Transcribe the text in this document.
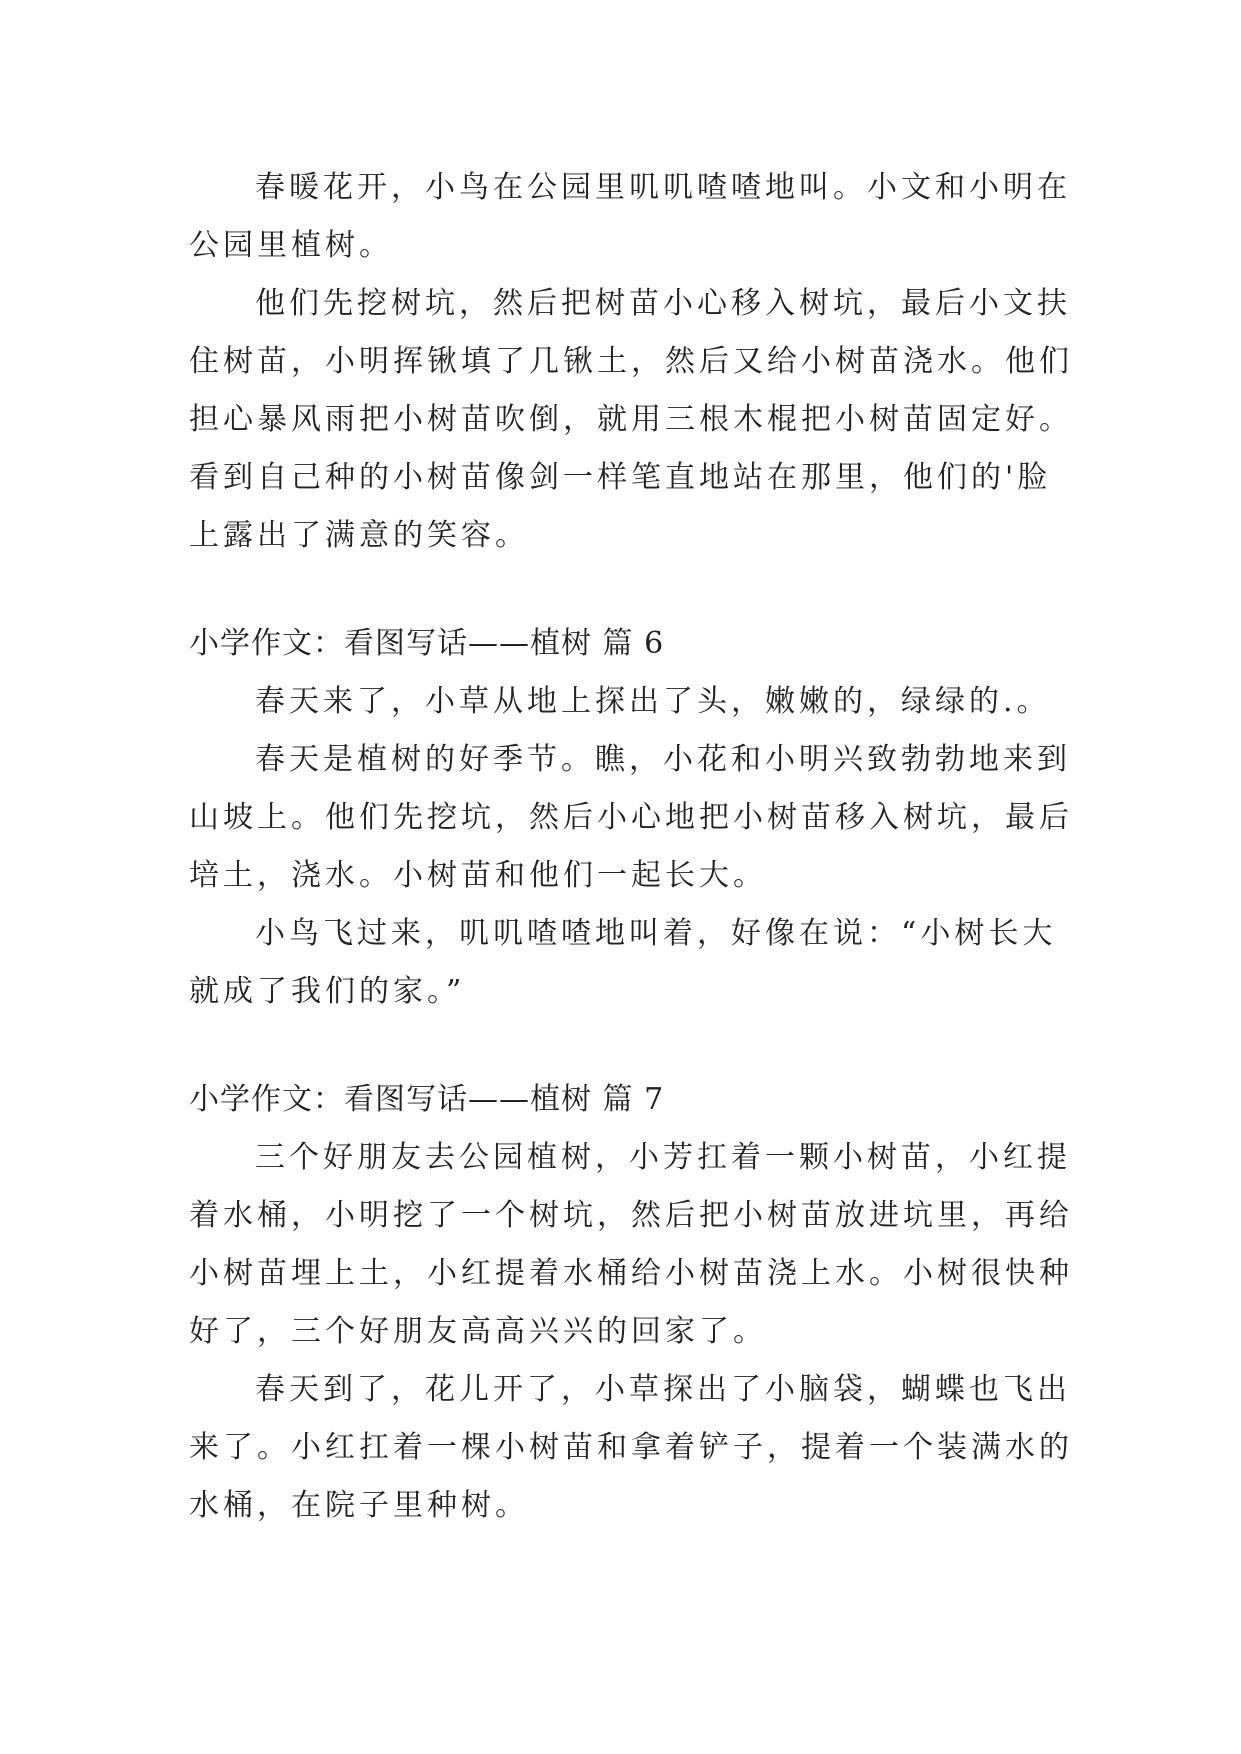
春暖花开，小鸟在公园里叽叽喳喳地叫。小文和小明在
公园里植树。
他们先挖树坑，然后把树苗小心移入树坑，最后小文扶
住树苗，小明挥锹填了几锹土，然后又给小树苗浇水。他们
担心暴风雨把小树苗吹倒，就用三根木棍把小树苗固定好。
看到自己种的小树苗像剑一样笔直地站在那里，他们的'脸
上露出了满意的笑容。
小学作文：看图写话——植树 篇 6
春天来了，小草从地上探出了头，嫩嫩的，绿绿的.。
春天是植树的好季节。瞧，小花和小明兴致勃勃地来到
山坡上。他们先挖坑，然后小心地把小树苗移入树坑，最后
培土，浇水。小树苗和他们一起长大。
小鸟飞过来，叽叽喳喳地叫着，好像在说：“小树长大
就成了我们的家。”
小学作文：看图写话——植树 篇 7
三个好朋友去公园植树，小芳扛着一颗小树苗，小红提
着水桶，小明挖了一个树坑，然后把小树苗放进坑里，再给
小树苗埋上土，小红提着水桶给小树苗浇上水。小树很快种
好了，三个好朋友高高兴兴的回家了。
春天到了，花儿开了，小草探出了小脑袋，蝴蝶也飞出
来了。小红扛着一棵小树苗和拿着铲子，提着一个装满水的
水桶，在院子里种树。
